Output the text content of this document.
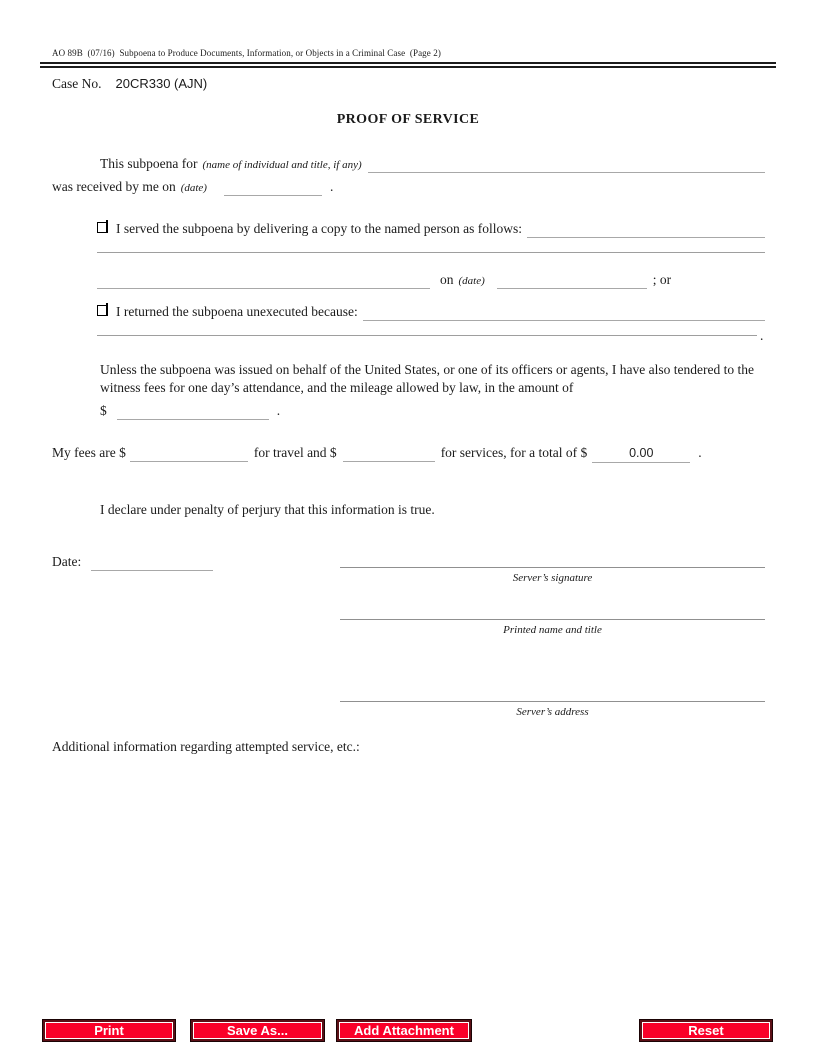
AO 89B  (07/16)  Subpoena to Produce Documents, Information, or Objects in a Criminal Case  (Page 2)
Case No. 20CR330 (AJN)
PROOF OF SERVICE
This subpoena for (name of individual and title, if any)
was received by me on (date)	.
I served the subpoena by delivering a copy to the named person as follows:
on (date)	; or
I returned the subpoena unexecuted because:
.
Unless the subpoena was issued on behalf of the United States, or one of its officers or agents, I have also tendered to the witness fees for one day’s attendance, and the mileage allowed by law, in the amount of
$	.
My fees are $	for travel and $	for services, for a total of $	0.00	.
I declare under penalty of perjury that this information is true.
Date:
Server’s signature
Printed name and title
Server’s address
Additional information regarding attempted service, etc.:
Print	Save As...	Add Attachment	Reset
